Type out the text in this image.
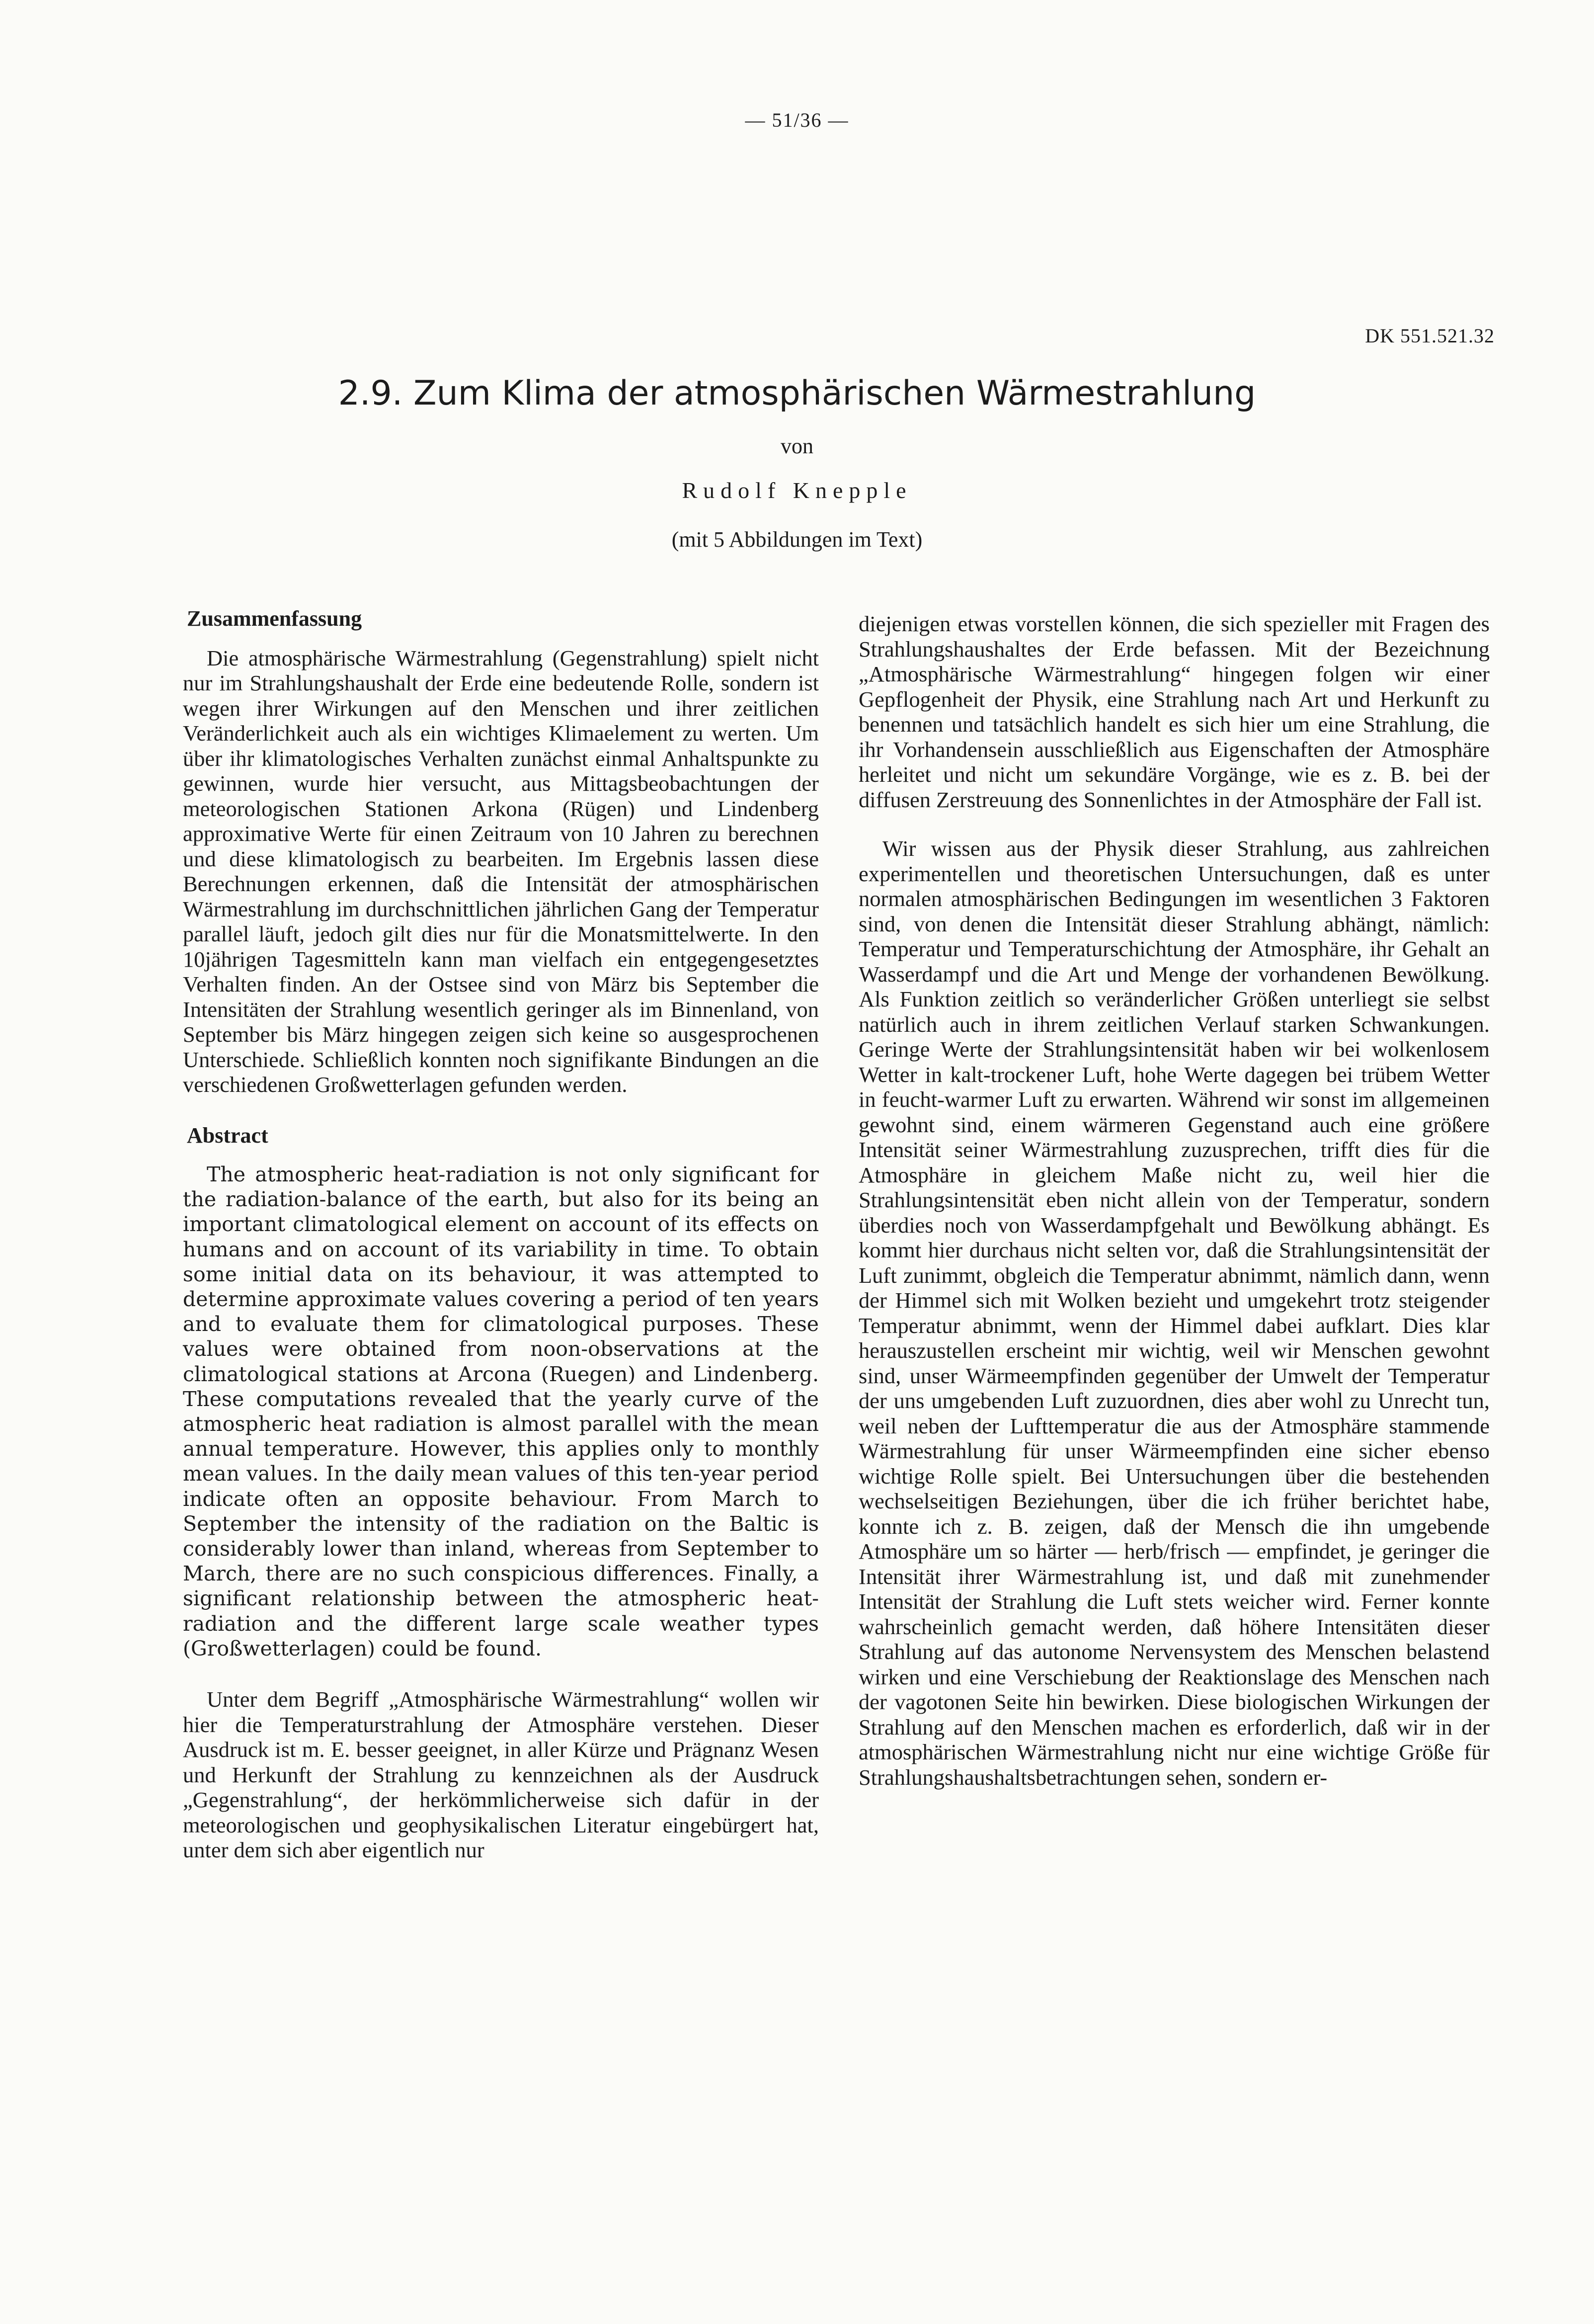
— 51/36 —
DK 551.521.32
2.9. Zum Klima der atmosphärischen Wärmestrahlung

von

Rudolf Knepple

(mit 5 Abbildungen im Text)

Zusammenfassung

Die atmosphärische Wärmestrahlung (Gegenstrahlung) spielt nicht nur im Strahlungshaushalt der Erde eine bedeutende Rolle, sondern ist wegen ihrer Wirkungen auf den Menschen und ihrer zeitlichen Veränderlichkeit auch als ein wichtiges Klimaelement zu werten. Um über ihr klimatologisches Verhalten zunächst einmal Anhaltspunkte zu gewinnen, wurde hier versucht, aus Mittagsbeobachtungen der meteorologischen Stationen Arkona (Rügen) und Lindenberg approximative Werte für einen Zeitraum von 10 Jahren zu berechnen und diese klimatologisch zu bearbeiten. Im Ergebnis lassen diese Berechnungen erkennen, daß die Intensität der atmosphärischen Wärmestrahlung im durchschnittlichen jährlichen Gang der Temperatur parallel läuft, jedoch gilt dies nur für die Monatsmittelwerte. In den 10jährigen Tagesmitteln kann man vielfach ein entgegengesetztes Verhalten finden. An der Ostsee sind von März bis September die Intensitäten der Strahlung wesentlich geringer als im Binnenland, von September bis März hingegen zeigen sich keine so ausgesprochenen Unterschiede. Schließlich konnten noch signifikante Bindungen an die verschiedenen Großwetterlagen gefunden werden.

Abstract

The atmospheric heat-radiation is not only significant for the radiation-balance of the earth, but also for its being an important climatological element on account of its effects on humans and on account of its variability in time. To obtain some initial data on its behaviour, it was attempted to determine approximate values covering a period of ten years and to evaluate them for climatological purposes. These values were obtained from noon-observations at the climatological stations at Arcona (Ruegen) and Lindenberg. These computations revealed that the yearly curve of the atmospheric heat radiation is almost parallel with the mean annual temperature. However, this applies only to monthly mean values. In the daily mean values of this ten-year period indicate often an opposite behaviour. From March to September the intensity of the radiation on the Baltic is considerably lower than inland, whereas from September to March, there are no such conspicious differences. Finally, a significant relationship between the atmospheric heat-radiation and the different large scale weather types (Großwetterlagen) could be found.

Unter dem Begriff „Atmosphärische Wärmestrahlung“ wollen wir hier die Temperaturstrahlung der Atmosphäre verstehen. Dieser Ausdruck ist m. E. besser geeignet, in aller Kürze und Prägnanz Wesen und Herkunft der Strahlung zu kennzeichnen als der Ausdruck „Gegenstrahlung“, der herkömmlicherweise sich dafür in der meteorologischen und geophysikalischen Literatur eingebürgert hat, unter dem sich aber eigentlich nur

diejenigen etwas vorstellen können, die sich spezieller mit Fragen des Strahlungshaushaltes der Erde befassen. Mit der Bezeichnung „Atmosphärische Wärmestrahlung“ hingegen folgen wir einer Gepflogenheit der Physik, eine Strahlung nach Art und Herkunft zu benennen und tatsächlich handelt es sich hier um eine Strahlung, die ihr Vorhandensein ausschließlich aus Eigenschaften der Atmosphäre herleitet und nicht um sekundäre Vorgänge, wie es z. B. bei der diffusen Zerstreuung des Sonnenlichtes in der Atmosphäre der Fall ist.

Wir wissen aus der Physik dieser Strahlung, aus zahlreichen experimentellen und theoretischen Untersuchungen, daß es unter normalen atmosphärischen Bedingungen im wesentlichen 3 Faktoren sind, von denen die Intensität dieser Strahlung abhängt, nämlich: Temperatur und Temperaturschichtung der Atmosphäre, ihr Gehalt an Wasserdampf und die Art und Menge der vorhandenen Bewölkung. Als Funktion zeitlich so veränderlicher Größen unterliegt sie selbst natürlich auch in ihrem zeitlichen Verlauf starken Schwankungen. Geringe Werte der Strahlungsintensität haben wir bei wolkenlosem Wetter in kalt-trockener Luft, hohe Werte dagegen bei trübem Wetter in feucht-warmer Luft zu erwarten. Während wir sonst im allgemeinen gewohnt sind, einem wärmeren Gegenstand auch eine größere Intensität seiner Wärmestrahlung zuzusprechen, trifft dies für die Atmosphäre in gleichem Maße nicht zu, weil hier die Strahlungsintensität eben nicht allein von der Temperatur, sondern überdies noch von Wasserdampfgehalt und Bewölkung abhängt. Es kommt hier durchaus nicht selten vor, daß die Strahlungsintensität der Luft zunimmt, obgleich die Temperatur abnimmt, nämlich dann, wenn der Himmel sich mit Wolken bezieht und umgekehrt trotz steigender Temperatur abnimmt, wenn der Himmel dabei aufklart. Dies klar herauszustellen erscheint mir wichtig, weil wir Menschen gewohnt sind, unser Wärmeempfinden gegenüber der Umwelt der Temperatur der uns umgebenden Luft zuzuordnen, dies aber wohl zu Unrecht tun, weil neben der Lufttemperatur die aus der Atmosphäre stammende Wärmestrahlung für unser Wärmeempfinden eine sicher ebenso wichtige Rolle spielt. Bei Untersuchungen über die bestehenden wechselseitigen Beziehungen, über die ich früher berichtet habe, konnte ich z. B. zeigen, daß der Mensch die ihn umgebende Atmosphäre um so härter — herb/frisch — empfindet, je geringer die Intensität ihrer Wärmestrahlung ist, und daß mit zunehmender Intensität der Strahlung die Luft stets weicher wird. Ferner konnte wahrscheinlich gemacht werden, daß höhere Intensitäten dieser Strahlung auf das autonome Nervensystem des Menschen belastend wirken und eine Verschiebung der Reaktionslage des Menschen nach der vagotonen Seite hin bewirken. Diese biologischen Wirkungen der Strahlung auf den Menschen machen es erforderlich, daß wir in der atmosphärischen Wärmestrahlung nicht nur eine wichtige Größe für Strahlungshaushaltsbetrachtungen sehen, sondern er-
